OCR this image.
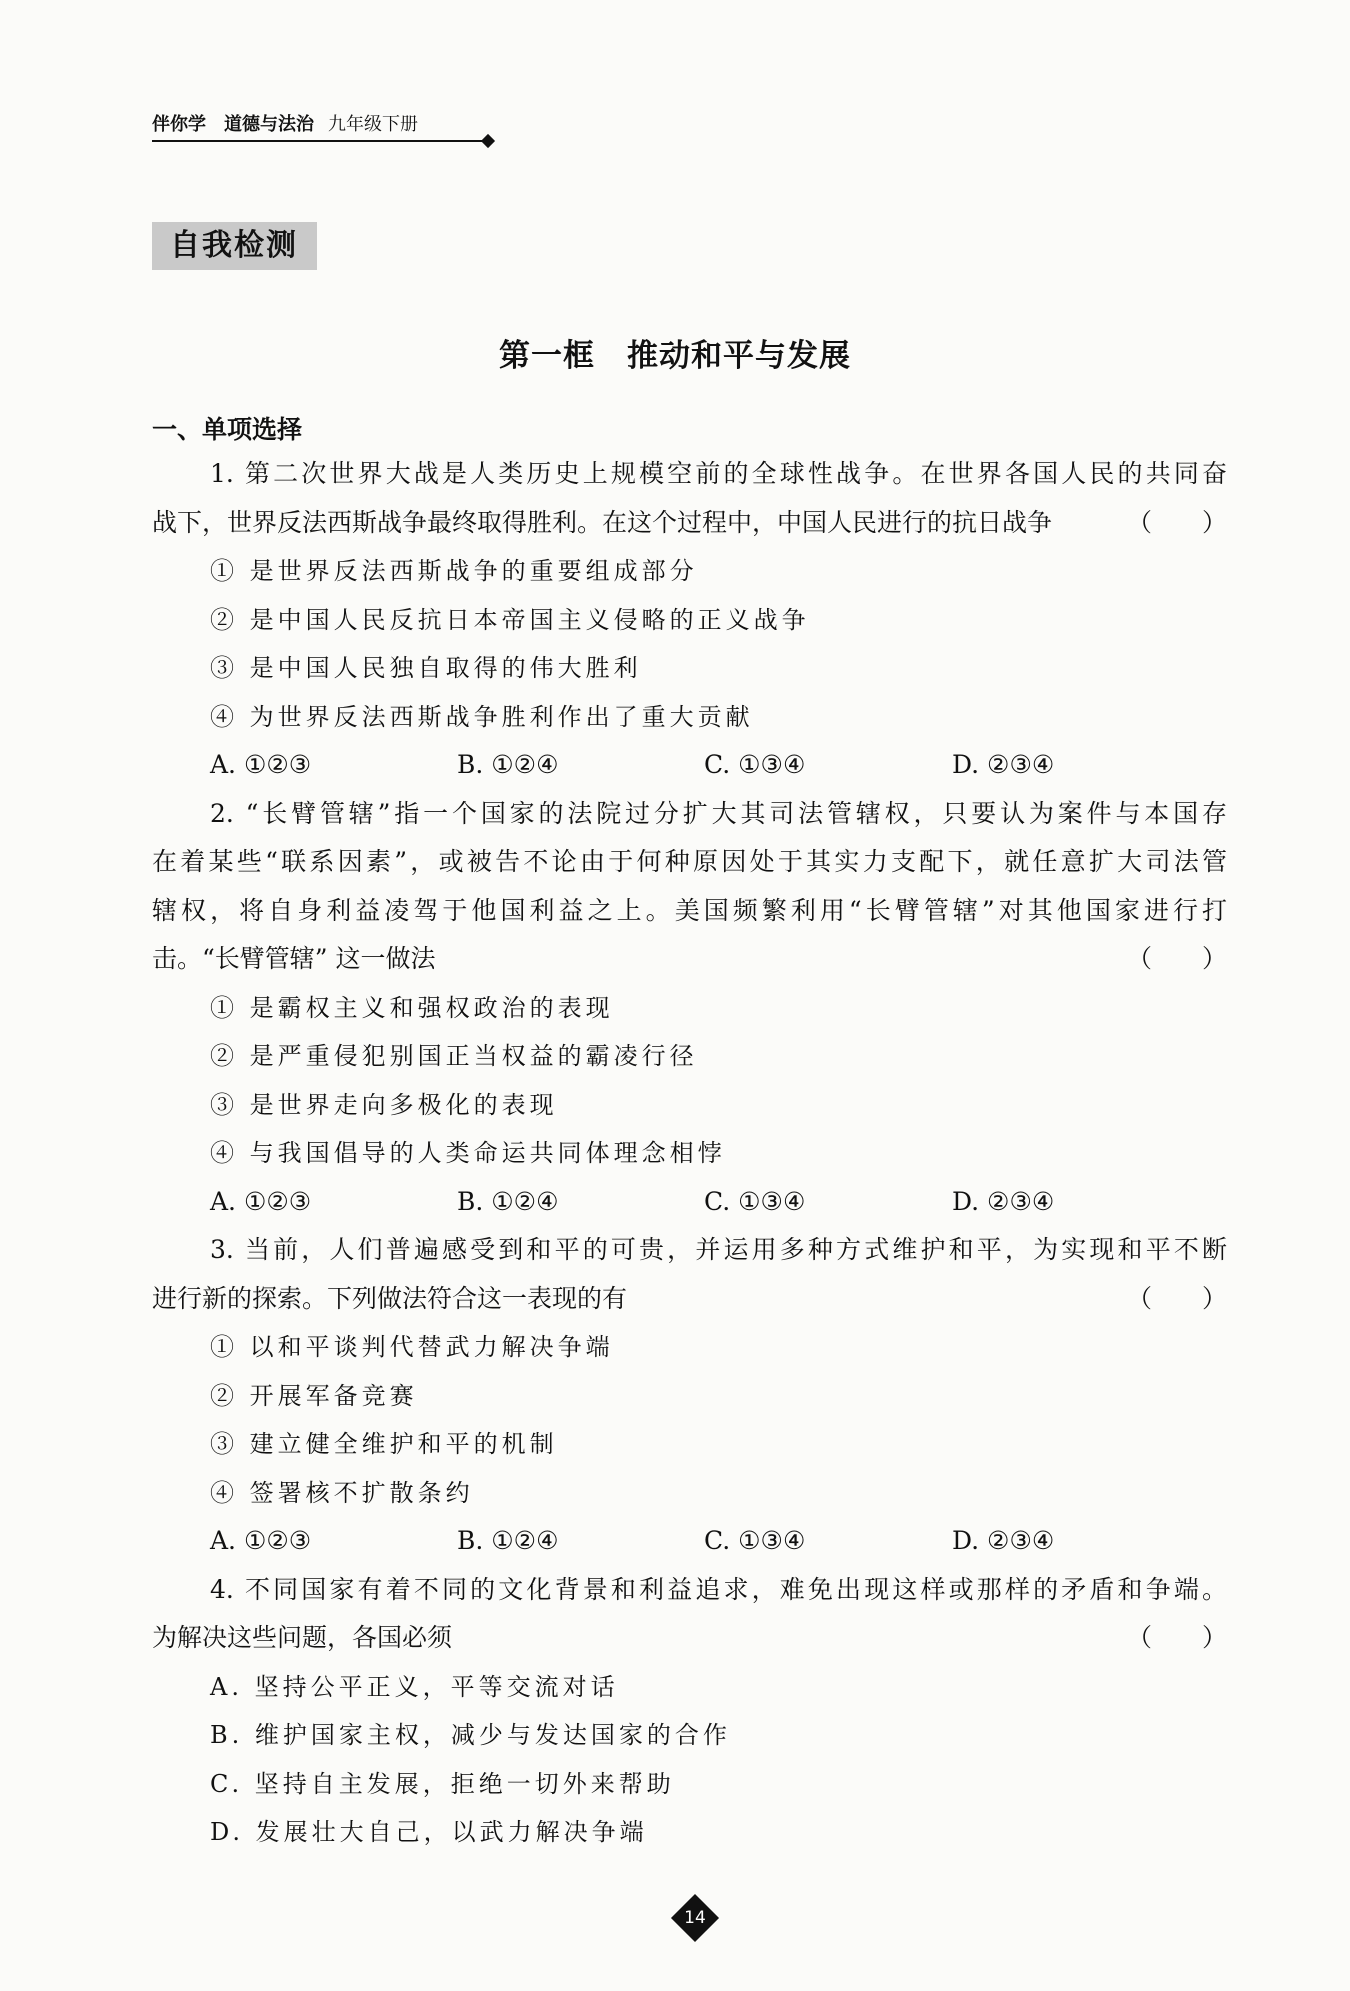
伴你学 道德与法治 九年级下册
自我检测
第一框 推动和平与发展
一、单项选择
1. 第二次世界大战是人类历史上规模空前的全球性战争。在世界各国人民的共同奋
战下，世界反法西斯战争最终取得胜利。在这个过程中，中国人民进行的抗日战争	（　　）
① 是世界反法西斯战争的重要组成部分
② 是中国人民反抗日本帝国主义侵略的正义战争
③ 是中国人民独自取得的伟大胜利
④ 为世界反法西斯战争胜利作出了重大贡献
A. ①②③	B. ①②④	C. ①③④	D. ②③④
2. “长臂管辖”指一个国家的法院过分扩大其司法管辖权，只要认为案件与本国存
在着某些“联系因素”，或被告不论由于何种原因处于其实力支配下，就任意扩大司法管
辖权，将自身利益凌驾于他国利益之上。美国频繁利用“长臂管辖”对其他国家进行打
击。“长臂管辖” 这一做法	（　　）
① 是霸权主义和强权政治的表现
② 是严重侵犯别国正当权益的霸凌行径
③ 是世界走向多极化的表现
④ 与我国倡导的人类命运共同体理念相悖
A. ①②③	B. ①②④	C. ①③④	D. ②③④
3. 当前，人们普遍感受到和平的可贵，并运用多种方式维护和平，为实现和平不断
进行新的探索。下列做法符合这一表现的有	（　　）
① 以和平谈判代替武力解决争端
② 开展军备竞赛
③ 建立健全维护和平的机制
④ 签署核不扩散条约
A. ①②③	B. ①②④	C. ①③④	D. ②③④
4. 不同国家有着不同的文化背景和利益追求，难免出现这样或那样的矛盾和争端。
为解决这些问题，各国必须	（　　）
A. 坚持公平正义，平等交流对话
B. 维护国家主权，减少与发达国家的合作
C. 坚持自主发展，拒绝一切外来帮助
D. 发展壮大自己，以武力解决争端
14
